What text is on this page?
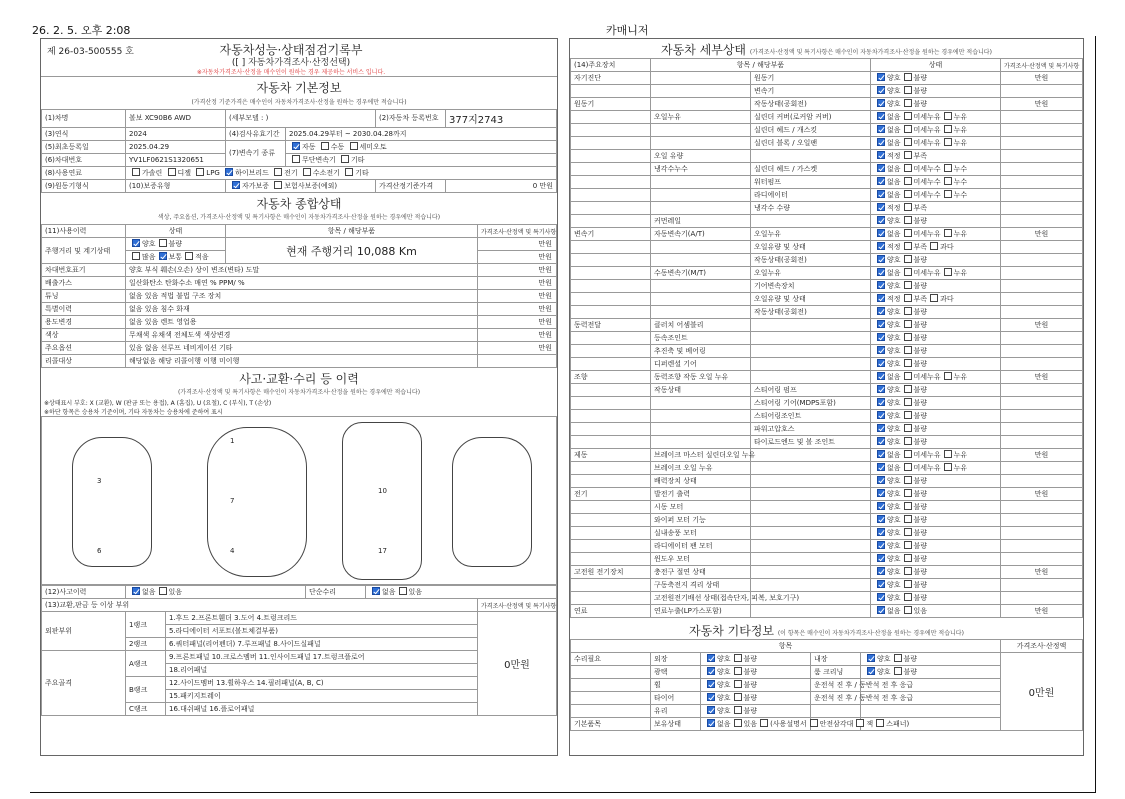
26. 2. 5. 오후 2:08	카매니저
제 26-03-500555 호	자동차성능·상태점검기록부
([ ] 자동차가격조사·산정선택)
※자동차가격조사·산정을 매수인이 원하는 경우 제공하는 서비스 입니다.
자동차 기본정보					
(가격산정 기준가격은 매수인이 자동차가격조사·산정을 원하는 경우에만 적습니다)					
(1)차명	볼보 XC90B6 AWD	(세부모델 : )		(2)자동차 등록번호	377지2743
(3)연식	2024	(4)검사유효기간	2025.04.29부터 ~ 2030.04.28까지		
(5)최초등록일	2025.04.29	(7)변속기 종류	자동 수동 세미오토		
(6)차대번호	YV1LF0621S1320651		무단변속기 기타		
(8)사용연료	가솔린 디젤 LPG 하이브리드 전기 수소전기 기타				
(9)원동기형식	(10)보증유형	자가보증 보험사보증(예외)		가격산정기준가격	0 만원
자동차 종합상태			
색상, 주요옵션, 가격조사·산정액 및 특기사항은 매수인이 자동차가격조사·산정을 원하는 경우에만 적습니다)			
(11)사용이력	상태	항목 / 해당부품	가격조사·산정액 및 특기사항
주행거리 및 계기상태	양호 불량	현재 주행거리 10,088 Km	만원
	많음 보통 적음		만원
차대번호표기	양호 부식 훼손(오손) 상이 변조(변타) 도말		만원
배출가스	일산화탄소 탄화수소 매연 % PPM/ %		만원
튜닝	없음 있음 적법 불법 구조 장치		만원
특별이력	없음 있음 침수 화재		만원
용도변경	없음 있음 렌트 영업용		만원
색상	무채색 유채색 전체도색 색상변경		만원
주요옵션	있음 없음 선루프 네비게이션 기타		만원
리콜대상	해당없음 해당 리콜이행 이행 미이행		
사고·교환·수리 등 이력
(가격조사·산정액 및 특기사항은 매수인이 자동차가격조사·산정을 원하는 경우에만 적습니다)
※상태표시 부호: X (교환), W (판금 또는 용접), A (흠집), U (요철), C (부식), T (손상)
※하단 항목은 승용차 기준이며, 기타 자동차는 승용차에 준하여 표시
1
7
4
10
17
3
6
(12)사고이력	없음 있음		단순수리	없음 있음	
(13)교환,판금 등 이상 부위					가격조사·산정액 및 특기사항
외판부위	1랭크	1.후드 2.프론트휀더 3.도어 4.트렁크리드			0만원
		5.라디에이터 서포트(볼트체결부품)			
	2랭크	6.쿼터패널(리어펜더) 7.루프패널 8.사이드실패널			
주요골격	A랭크	9.프론트패널 10.크로스멤버 11.인사이드패널 17.트렁크플로어			
		18.리어패널			
	B랭크	12.사이드멤버 13.휠하우스 14.필러패널(A, B, C)			
		15.패키지트레이			
	C랭크	16.대쉬패널 16.플로어패널			
자동차 세부상태 (가격조사·산정액 및 특기사항은 매수인이 자동차가격조사·산정을 원하는 경우에만 적습니다)				
(14)주요장치	항목 / 해당부품		상태	가격조사·산정액 및 특기사항
자기진단		원동기	양호 불량	만원
		변속기	양호 불량	
원동기		작동상태(공회전)	양호 불량	만원
	오일누유	실린더 커버(로커암 커버)	없음 미세누유 누유	
		실린더 헤드 / 개스킷	없음 미세누유 누유	
		실린더 블록 / 오일팬	없음 미세누유 누유	
	오일 유량		적정 부족	
	냉각수누수	실린더 헤드 / 가스켓	없음 미세누수 누수	
		워터펌프	없음 미세누수 누수	
		라디에이터	없음 미세누수 누수	
		냉각수 수량	적정 부족	
	커먼레일		양호 불량	
변속기	자동변속기(A/T)	오일누유	없음 미세누유 누유	만원
		오일유량 및 상태	적정 부족 과다	
		작동상태(공회전)	양호 불량	
	수동변속기(M/T)	오일누유	없음 미세누유 누유	
		기어변속장치	양호 불량	
		오일유량 및 상태	적정 부족 과다	
		작동상태(공회전)	양호 불량	
동력전달	클러치 어셈블리		양호 불량	만원
	등속조인트		양호 불량	
	추진축 및 베어링		양호 불량	
	디퍼렌셜 기어		양호 불량	
조향	동력조향 작동 오일 누유		없음 미세누유 누유	만원
	작동상태	스티어링 펌프	양호 불량	
		스티어링 기어(MDPS포함)	양호 불량	
		스티어링조인트	양호 불량	
		파워고압호스	양호 불량	
		타이로드엔드 및 볼 조인트	양호 불량	
제동	브레이크 마스터 실린더오일 누유		없음 미세누유 누유	만원
	브레이크 오일 누유		없음 미세누유 누유	
	배력장치 상태		양호 불량	
전기	발전기 출력		양호 불량	만원
	시동 모터		양호 불량	
	와이퍼 모터 기능		양호 불량	
	실내송풍 모터		양호 불량	
	라디에이터 팬 모터		양호 불량	
	윈도우 모터		양호 불량	
고전원 전기장치	충전구 절연 상태		양호 불량	만원
	구동축전지 격리 상태		양호 불량	
	고전원전기배선 상태(접속단자, 피복, 보호기구)		양호 불량	
연료	연료누출(LP가스포함)		없음 있음	만원
자동차 기타정보 (이 항목은 매수인이 자동차가격조사·산정을 원하는 경우에만 적습니다)					
항목					가격조사·산정액
수리필요	외장	양호 불량	내장	양호 불량	0만원
	광택	양호 불량	룸 크리닝	양호 불량	
	휠	양호 불량	운전석 진 후 / 동반석 전 후 응급		
	타이어	양호 불량	운전석 진 후 / 동반석 전 후 응급		
	유리	양호 불량			
기본품목	보유상태	없음 있음 (사용설명서 안전삼각대 잭 스패너)			
